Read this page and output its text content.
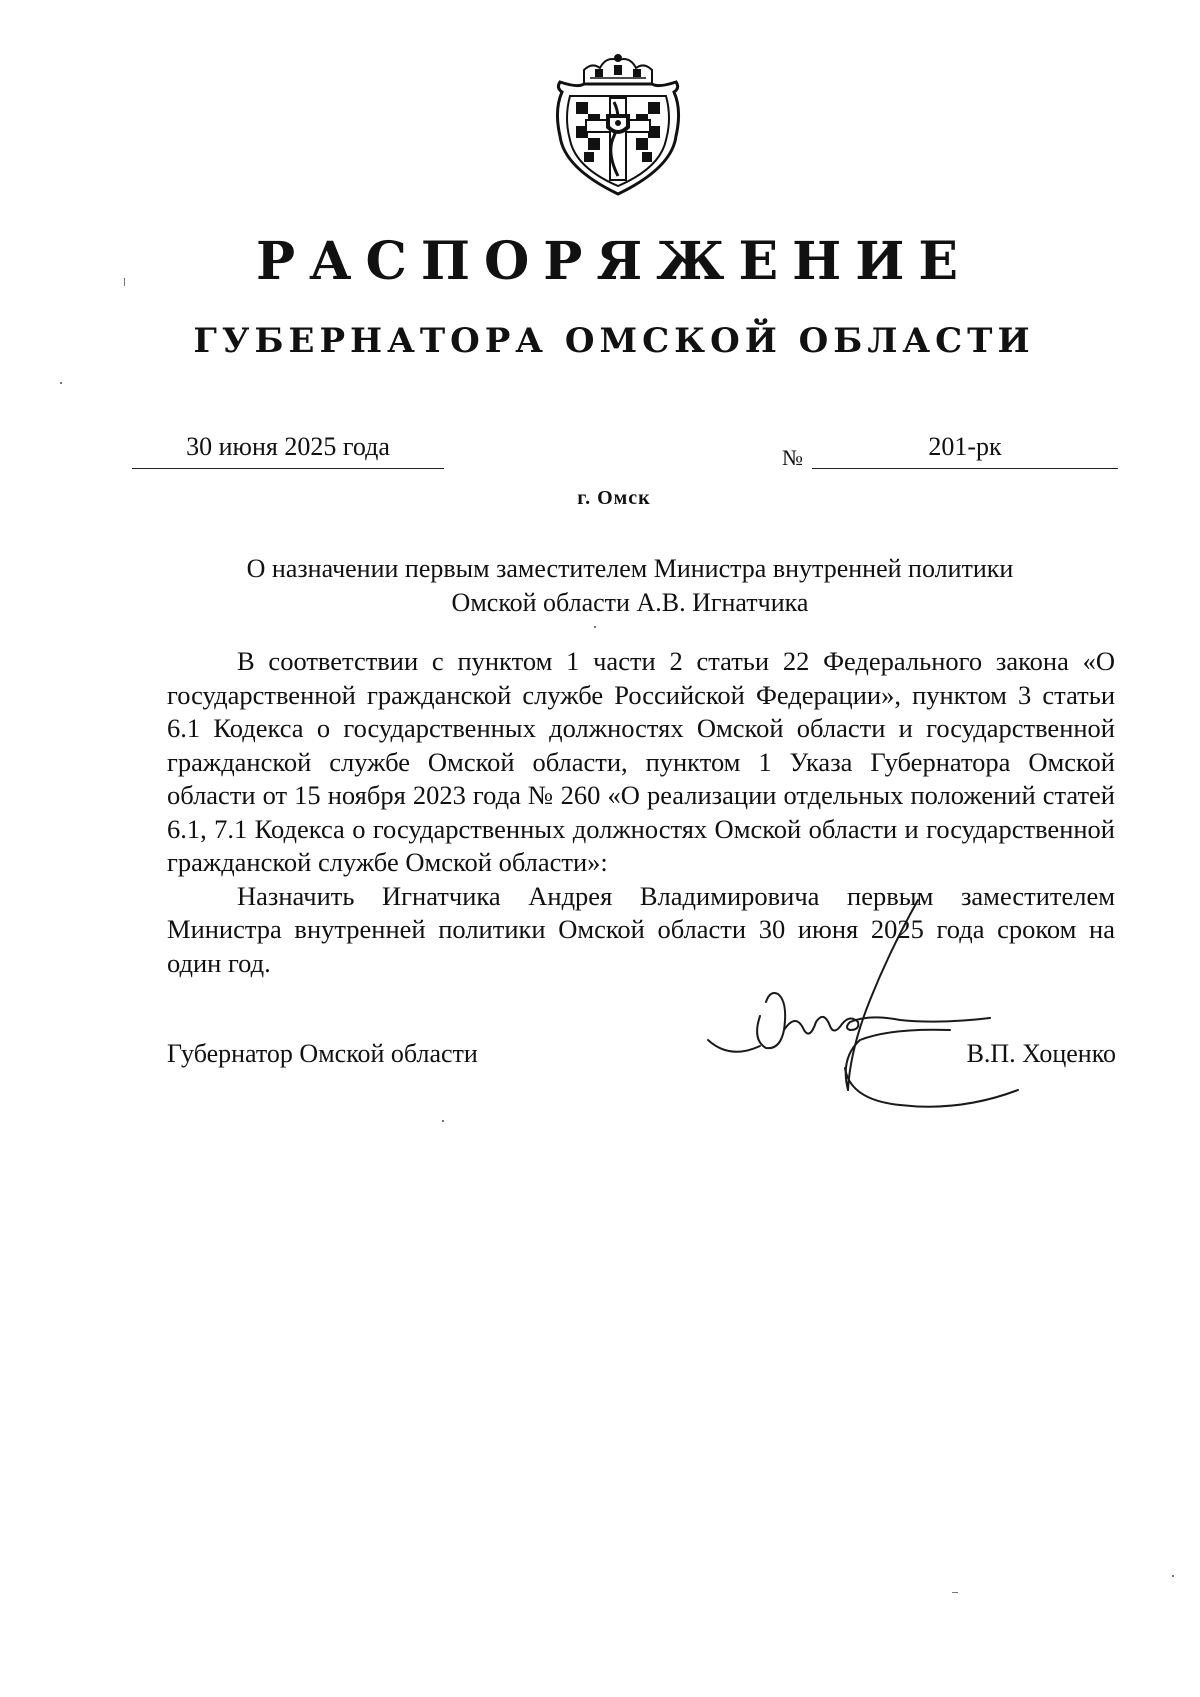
РАСПОРЯЖЕНИЕ
ГУБЕРНАТОРА ОМСКОЙ ОБЛАСТИ
30 июня 2025 года	№	201-рк
г. Омск
О назначении первым заместителем Министра внутренней политики
Омской области А.В. Игнатчика

В соответствии с пунктом 1 части 2 статьи 22 Федерального закона «О государственной гражданской службе Российской Федерации», пунктом 3 статьи 6.1 Кодекса о государственных должностях Омской области и государственной гражданской службе Омской области, пунктом 1 Указа Губернатора Омской области от 15 ноября 2023 года № 260 «О реализации отдельных положений статей 6.1, 7.1 Кодекса о государственных должностях Омской области и государственной гражданской службе Омской области»:

Назначить Игнатчика Андрея Владимировича первым заместителем Министра внутренней политики Омской области 30 июня 2025 года сроком на один год.

Губернатор Омской области	В.П. Хоценко
